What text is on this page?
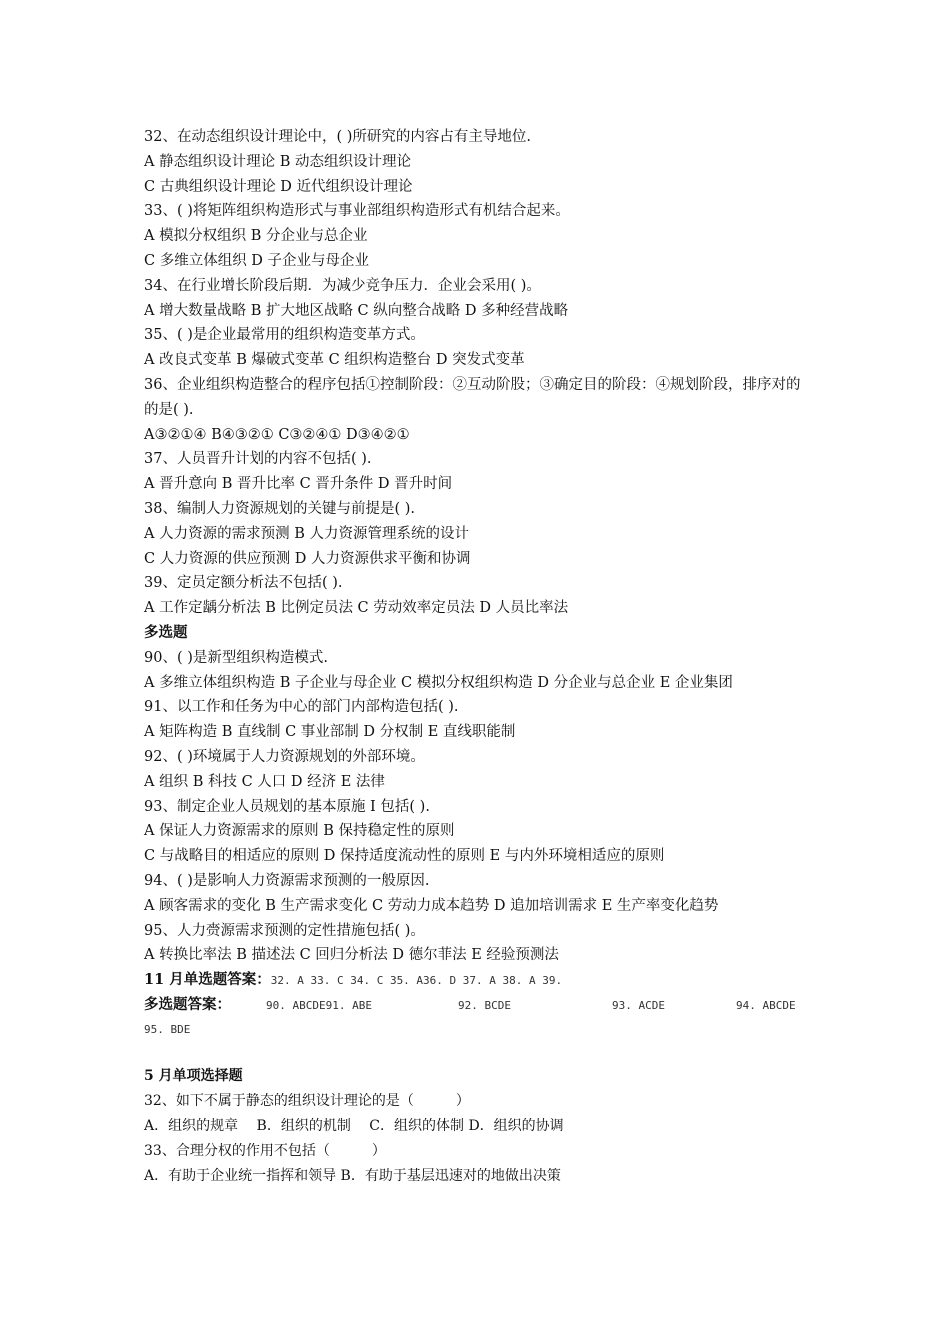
32、在动态组织设计理论中，( )所研究的内容占有主导地位.
A 静态组织设计理论 B 动态组织设计理论
C 古典组织设计理论 D 近代组织设计理论
33、( )将矩阵组织构造形式与事业部组织构造形式有机结合起来。
A 模拟分权组织 B 分企业与总企业
C 多维立体组织 D 子企业与母企业
34、在行业增长阶段后期．为减少竞争压力．企业会采用( )。
A 增大数量战略 B 扩大地区战略 C 纵向整合战略 D 多种经营战略
35、( )是企业最常用的组织构造变革方式。
A 改良式变革 B 爆破式变革 C 组织构造整台 D 突发式变革
36、企业组织构造整合的程序包括①控制阶段：②互动阶股；③确定目的阶段：④规划阶段，排序对的的是( ).
A③②①④ B④③②① C③②④① D③④②①
37、人员晋升计划的内容不包括( ).
A 晋升意向 B 晋升比率 C 晋升条件 D 晋升时间
38、编制人力资源规划的关键与前提是( ).
A 人力资源的需求预测 B 人力资源管理系统的设计
C 人力资源的供应预测 D 人力资源供求平衡和协调
39、定员定额分析法不包括( ).
A 工作定龋分析法 B 比例定员法 C 劳动效率定员法 D 人员比率法
多选题
90、( )是新型组织构造模式.
A 多维立体组织构造 B 子企业与母企业 C 模拟分权组织构造 D 分企业与总企业 E 企业集团
91、以工作和任务为中心的部门内部构造包括( ).
A 矩阵构造 B 直线制 C 事业部制 D 分权制 E 直线职能制
92、( )环境属于人力资源规划的外部环境。
A 组织 B 科技 C 人口 D 经济 E 法律
93、制定企业人员规划的基本原施 I 包括( ).
A 保证人力资源需求的原则 B 保持稳定性的原则
C 与战略目的相适应的原则 D 保持适度流动性的原则 E 与内外环境相适应的原则
94、( )是影响人力资源需求预测的一般原因.
A 顾客需求的变化 B 生产需求变化 C 劳动力成本趋势 D 追加培训需求 E 生产率变化趋势
95、人力赍源需求预测的定性措施包括( )。
A 转换比率法 B 描述法 C 回归分析法 D 德尔菲法 E 经验预测法
11 月单选题答案：32. A 33. C 34. C 35. A36. D 37. A 38. A 39.
多选题答案：	90. ABCDE91. ABE	92. BCDE	93. ACDE	94. ABCDE
95. BDE
5 月单项选择题
32、如下不属于静态的组织设计理论的是（　　　）
A．组织的规章　 B．组织的机制　 C．组织的体制 D．组织的协调
33、合理分权的作用不包括（　　　）
A．有助于企业统一指挥和领导 B．有助于基层迅速对的地做出决策
